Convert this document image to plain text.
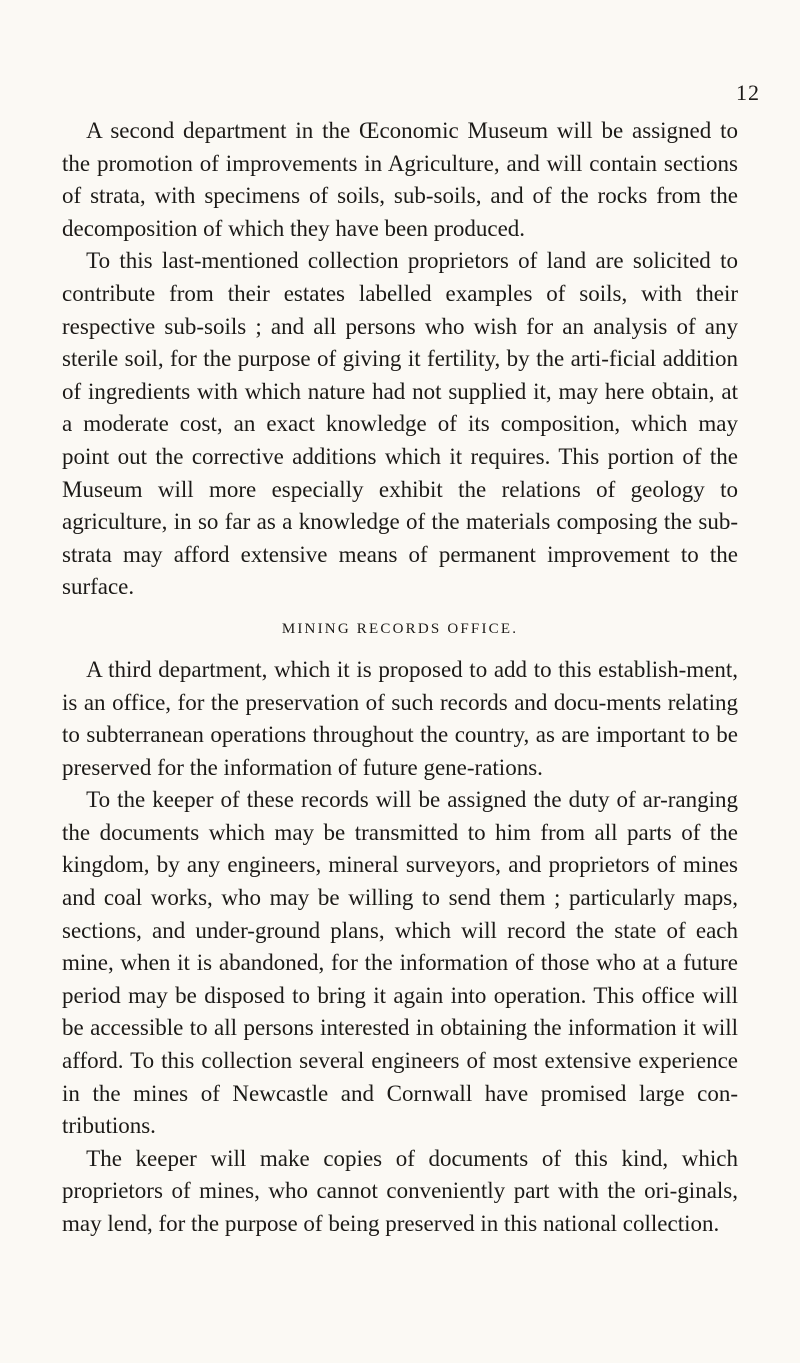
12

A second department in the Œconomic Museum will be assigned to the promotion of improvements in Agriculture, and will contain sections of strata, with specimens of soils, sub-soils, and of the rocks from the decomposition of which they have been produced.

To this last-mentioned collection proprietors of land are solicited to contribute from their estates labelled examples of soils, with their respective sub-soils ; and all persons who wish for an analysis of any sterile soil, for the purpose of giving it fertility, by the arti-ficial addition of ingredients with which nature had not supplied it, may here obtain, at a moderate cost, an exact knowledge of its composition, which may point out the corrective additions which it requires. This portion of the Museum will more especially exhibit the relations of geology to agriculture, in so far as a knowledge of the materials composing the sub-strata may afford extensive means of permanent improvement to the surface.

MINING RECORDS OFFICE.

A third department, which it is proposed to add to this establish-ment, is an office, for the preservation of such records and docu-ments relating to subterranean operations throughout the country, as are important to be preserved for the information of future gene-rations.

To the keeper of these records will be assigned the duty of ar-ranging the documents which may be transmitted to him from all parts of the kingdom, by any engineers, mineral surveyors, and proprietors of mines and coal works, who may be willing to send them ; particularly maps, sections, and under-ground plans, which will record the state of each mine, when it is abandoned, for the information of those who at a future period may be disposed to bring it again into operation. This office will be accessible to all persons interested in obtaining the information it will afford. To this collection several engineers of most extensive experience in the mines of Newcastle and Cornwall have promised large con-tributions.

The keeper will make copies of documents of this kind, which proprietors of mines, who cannot conveniently part with the ori-ginals, may lend, for the purpose of being preserved in this national collection.
